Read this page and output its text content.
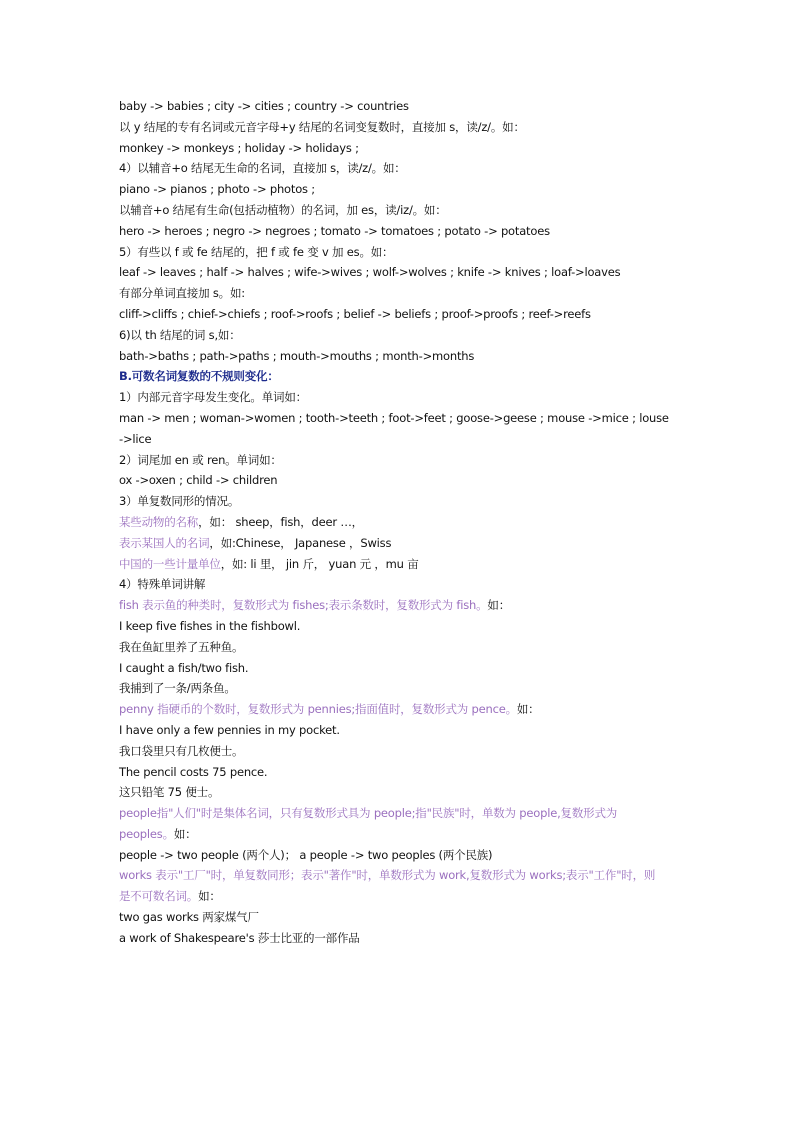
baby -> babies ; city -> cities ; country -> countries
以 y 结尾的专有名词或元音字母+y 结尾的名词变复数时，直接加 s，读/z/。如：
monkey -> monkeys ; holiday -> holidays ;
4）以辅音+o 结尾无生命的名词，直接加 s，读/z/。如：
piano -> pianos ; photo -> photos ;
以辅音+o 结尾有生命(包括动植物）的名词，加 es，读/iz/。如：
hero -> heroes ; negro -> negroes ; tomato -> tomatoes ; potato -> potatoes
5）有些以 f 或 fe 结尾的，把 f 或 fe 变 v 加 es。如：
leaf -> leaves ; half -> halves ; wife->wives ; wolf->wolves ; knife -> knives ; loaf->loaves
有部分单词直接加 s。如:
cliff->cliffs ; chief->chiefs ; roof->roofs ; belief -> beliefs ; proof->proofs ; reef->reefs
6)以 th 结尾的词 s,如：
bath->baths ; path->paths ; mouth->mouths ; month->months
B.可数名词复数的不规则变化：
1）内部元音字母发生变化。单词如：
man -> men ; woman->women ; tooth->teeth ; foot->feet ; goose->geese ; mouse ->mice ; louse
->lice
2）词尾加 en 或 ren。单词如：
ox ->oxen ; child -> children
3）单复数同形的情况。
某些动物的名称，如： sheep，fish，deer …，
表示某国人的名词，如:Chinese， Japanese ，Swiss
中国的一些计量单位，如: li 里， jin 斤， yuan 元 ，mu 亩
4）特殊单词讲解
fish 表示鱼的种类时，复数形式为 fishes;表示条数时，复数形式为 fish。如：
I keep five fishes in the fishbowl.
我在鱼缸里养了五种鱼。
I caught a fish/two fish.
我捕到了一条/两条鱼。
penny 指硬币的个数时，复数形式为 pennies;指面值时，复数形式为 pence。如：
I have only a few pennies in my pocket.
我口袋里只有几枚便士。
The pencil costs 75 pence.
这只铅笔 75 便士。
people指"人们"时是集体名词，只有复数形式具为 people;指"民族"时，单数为 people,复数形式为
peoples。如：
people -> two people (两个人)； a people -> two peoples (两个民族)
works 表示"工厂"时，单复数同形；表示"著作"时，单数形式为 work,复数形式为 works;表示"工作"时，则
是不可数名词。如：
two gas works 两家煤气厂
a work of Shakespeare's 莎士比亚的一部作品
